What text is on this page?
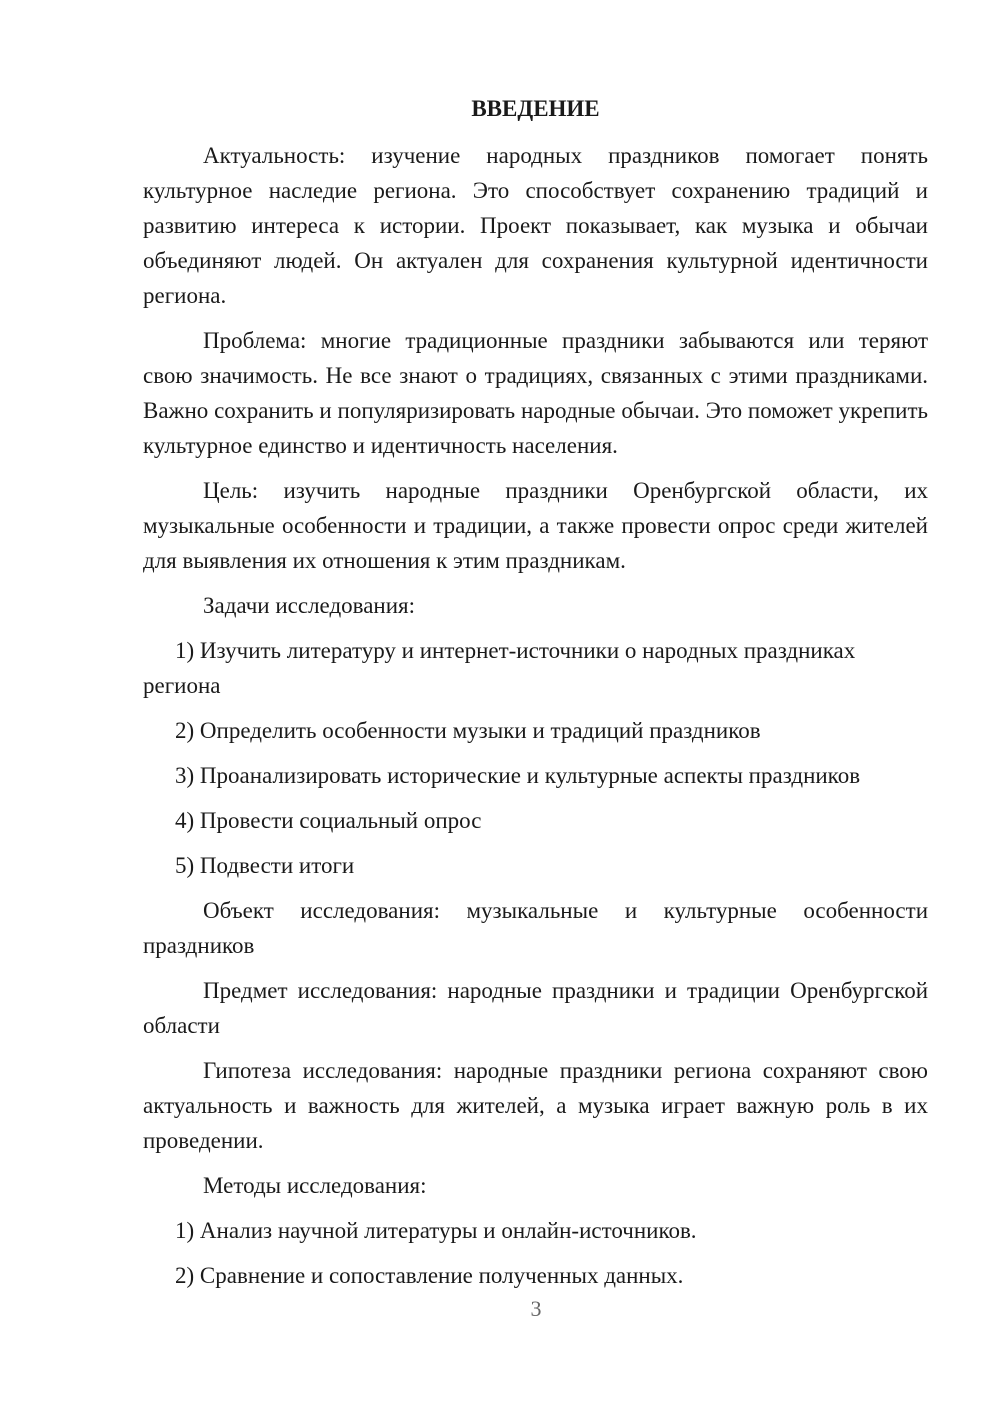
ВВЕДЕНИЕ

Актуальность: изучение народных праздников помогает понять культурное наследие региона. Это способствует сохранению традиций и развитию интереса к истории. Проект показывает, как музыка и обычаи объединяют людей. Он актуален для сохранения культурной идентичности региона.

Проблема: многие традиционные праздники забываются или теряют свою значимость. Не все знают о традициях, связанных с этими праздниками. Важно сохранить и популяризировать народные обычаи. Это поможет укрепить культурное единство и идентичность населения.

Цель: изучить народные праздники Оренбургской области, их музыкальные особенности и традиции, а также провести опрос среди жителей для выявления их отношения к этим праздникам.

Задачи исследования:

1) Изучить литературу и интернет-источники о народных праздниках региона

2) Определить особенности музыки и традиций праздников

3) Проанализировать исторические и культурные аспекты праздников

4) Провести социальный опрос

5) Подвести итоги

Объект исследования: музыкальные и культурные особенности праздников

Предмет исследования: народные праздники и традиции Оренбургской области

Гипотеза исследования: народные праздники региона сохраняют свою актуальность и важность для жителей, а музыка играет важную роль в их проведении.

Методы исследования:

1) Анализ научной литературы и онлайн-источников.

2) Сравнение и сопоставление полученных данных.

3
